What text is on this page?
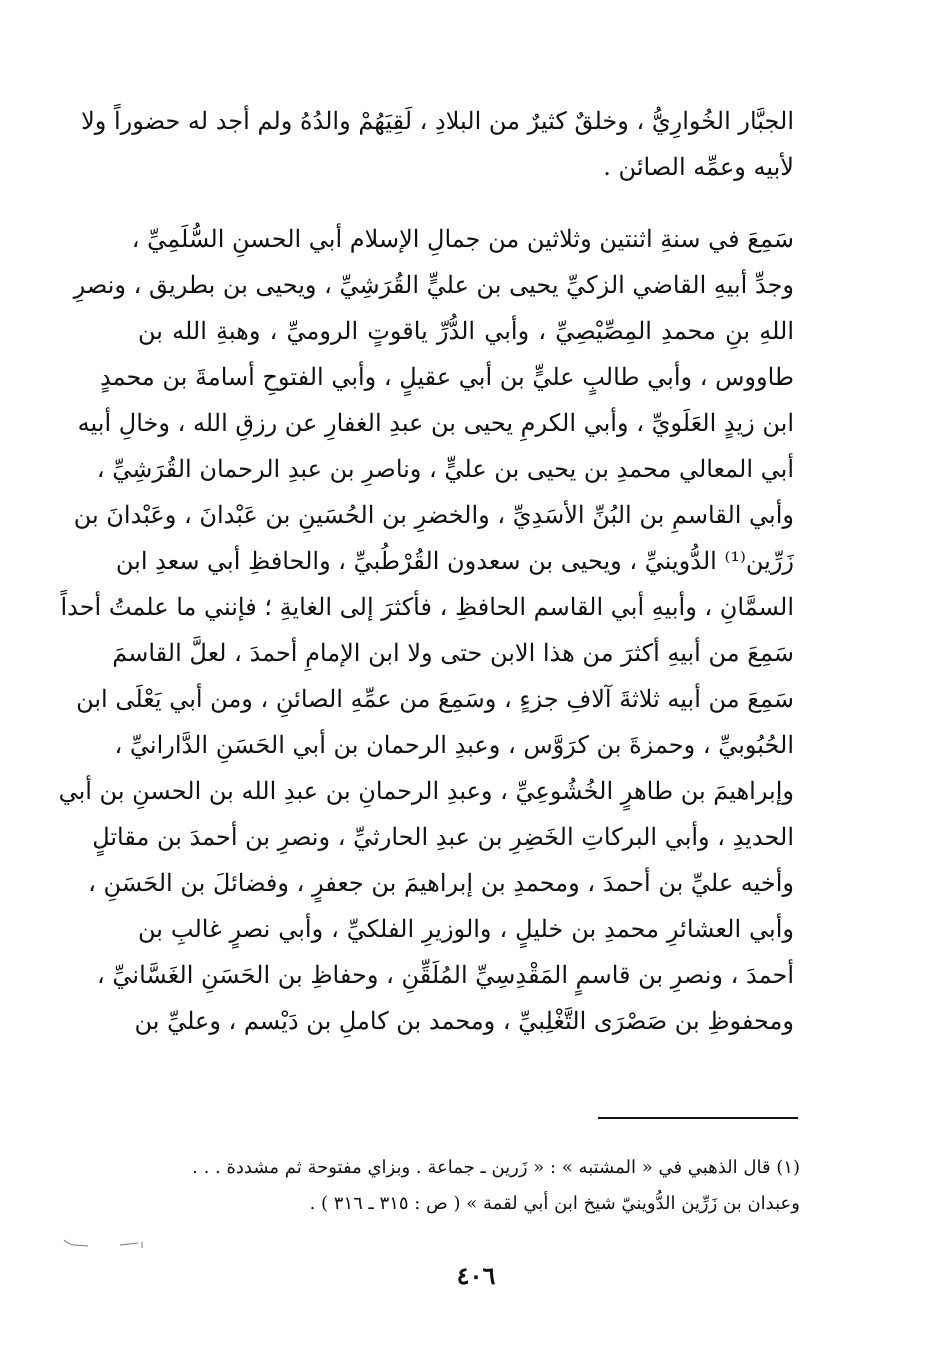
الجبَّار الخُوارِيُّ ، وخلقٌ كثيرٌ من البلادِ ، لَقِيَهُمْ والدُهُ ولم أجد له حضوراً ولا
لأبيه وعمِّه الصائن .
سَمِعَ في سنةِ اثنتين وثلاثين من جمالِ الإسلام أبي الحسنِ السُّلَمِيِّ ،
وجدِّ أبيهِ القاضي الزكيِّ يحيى بن عليٍّ القُرَشِيِّ ، ويحيى بن بطريق ، ونصرِ
اللهِ بنِ محمدِ المِصِّيْصِيِّ ، وأبي الدُّرِّ ياقوتٍ الروميِّ ، وهبةِ الله بن
طاووس ، وأبي طالبٍ عليٍّ بن أبي عقيلٍ ، وأبي الفتوحِ أسامةَ بن محمدٍ
ابن زيدٍ العَلَويِّ ، وأبي الكرمِ يحيى بن عبدِ الغفارِ عن رزقِ الله ، وخالِ أبيه
أبي المعالي محمدِ بن يحيى بن عليٍّ ، وناصرِ بن عبدِ الرحمان القُرَشِيِّ ،
وأبي القاسمِ بن البُنِّ الأسَدِيِّ ، والخضرِ بن الحُسَينِ بن عَبْدانَ ، وعَبْدانَ بن
زَرِّين⁽¹⁾ الدُّوينيِّ ، ويحيى بن سعدون القُرْطُبيِّ ، والحافظِ أبي سعدِ ابن
السمَّانِ ، وأبيهِ أبي القاسم الحافظِ ، فأكثرَ إلى الغايةِ ؛ فإنني ما علمتُ أحداً
سَمِعَ من أبيهِ أكثرَ من هذا الابن حتى ولا ابن الإمامِ أحمدَ ، لعلَّ القاسمَ
سَمِعَ من أبيه ثلاثةَ آلافِ جزءٍ ، وسَمِعَ من عمِّهِ الصائنِ ، ومن أبي يَعْلَى ابن
الحُبُوبيِّ ، وحمزةَ بن كرَوَّس ، وعبدِ الرحمان بن أبي الحَسَنِ الدَّارانيِّ ،
وإبراهيمَ بن طاهرٍ الخُشُوعِيِّ ، وعبدِ الرحمانِ بن عبدِ الله بن الحسنِ بن أبي
الحديدِ ، وأبي البركاتِ الخَضِرِ بن عبدِ الحارثيِّ ، ونصرِ بن أحمدَ بن مقاتلٍ
وأخيه عليِّ بن أحمدَ ، ومحمدِ بن إبراهيمَ بن جعفرٍ ، وفضائلَ بن الحَسَنِ ،
وأبي العشائرِ محمدِ بن خليلٍ ، والوزيرِ الفلكيِّ ، وأبي نصرٍ غالبِ بن
أحمدَ ، ونصرِ بن قاسمٍ المَقْدِسِيِّ المُلَقِّنِ ، وحفاظِ بن الحَسَنِ الغَسَّانيِّ ،
ومحفوظِ بن صَصْرَى التَّغْلِبيِّ ، ومحمد بن كاملِ بن دَيْسم ، وعليِّ بن
(١) قال الذهبي في « المشتبه » : « زَرين ـ جماعة . وبزاي مفتوحة ثم مشددة . . .
وعبدان بن زَرِّين الدُّوينيّ شيخ ابن أبي لقمة » ( ص : ٣١٥ ـ ٣١٦ ) .
٤٠٦
